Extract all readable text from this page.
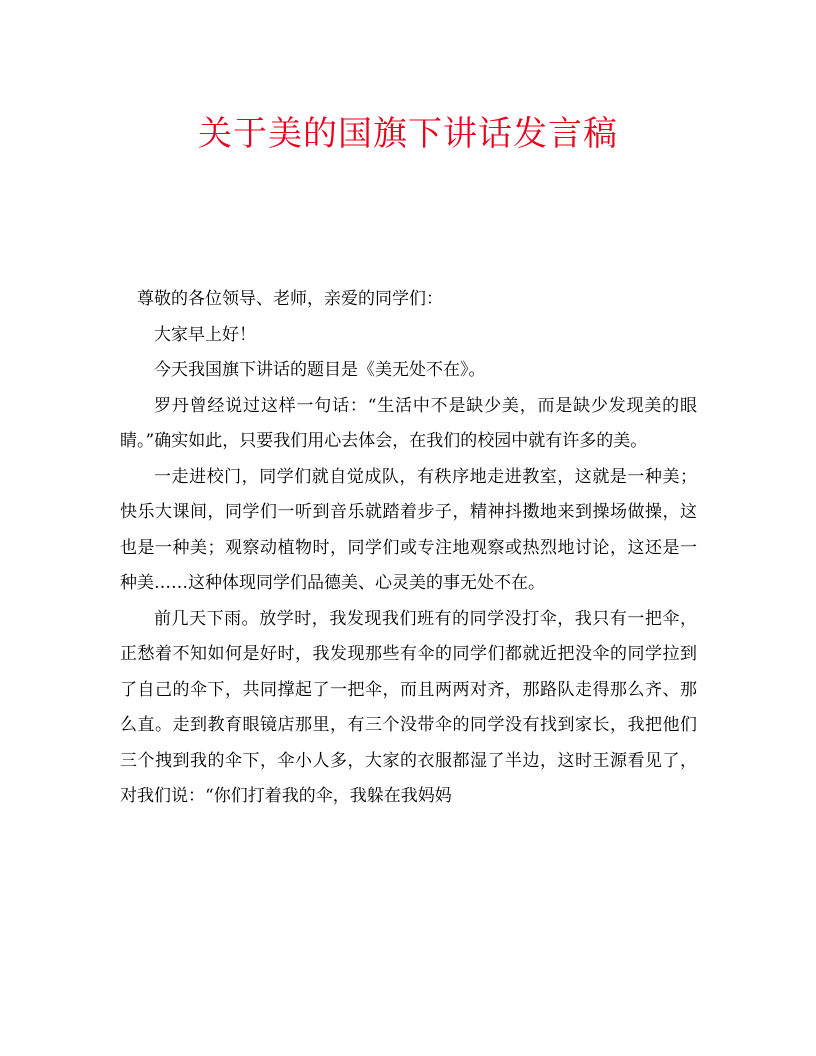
关于美的国旗下讲话发言稿

尊敬的各位领导、老师，亲爱的同学们：

大家早上好！

今天我国旗下讲话的题目是《美无处不在》。

罗丹曾经说过这样一句话：“生活中不是缺少美，而是缺少发现美的眼睛。”确实如此，只要我们用心去体会，在我们的校园中就有许多的美。

一走进校门，同学们就自觉成队，有秩序地走进教室，这就是一种美；快乐大课间，同学们一听到音乐就踏着步子，精神抖擞地来到操场做操，这也是一种美；观察动植物时，同学们或专注地观察或热烈地讨论，这还是一种美……这种体现同学们品德美、心灵美的事无处不在。

前几天下雨。放学时，我发现我们班有的同学没打伞，我只有一把伞，正愁着不知如何是好时，我发现那些有伞的同学们都就近把没伞的同学拉到了自己的伞下，共同撑起了一把伞，而且两两对齐，那路队走得那么齐、那么直。走到教育眼镜店那里，有三个没带伞的同学没有找到家长，我把他们三个拽到我的伞下，伞小人多，大家的衣服都湿了半边，这时王源看见了，对我们说：“你们打着我的伞，我躲在我妈妈
